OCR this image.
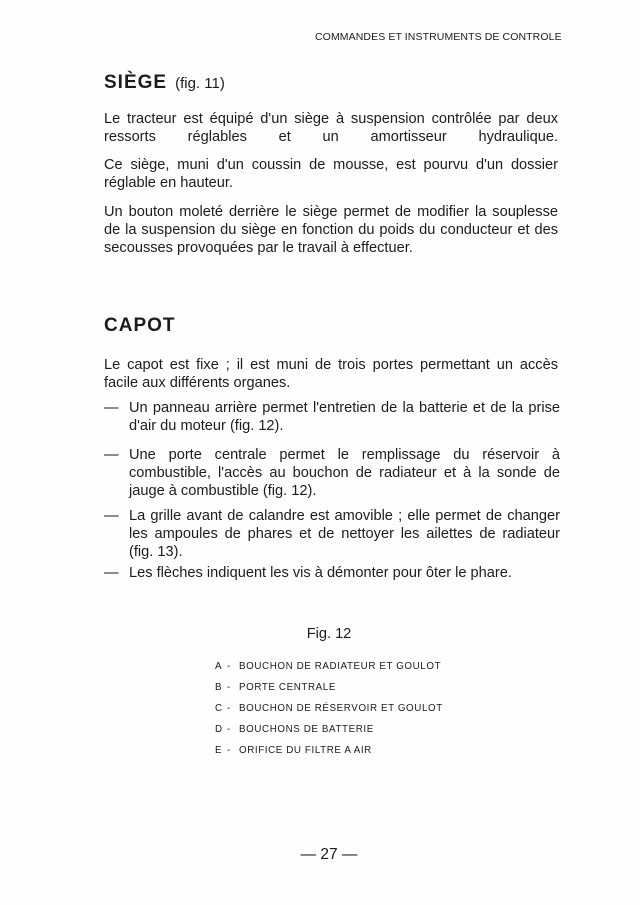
COMMANDES ET INSTRUMENTS DE CONTROLE
SIÈGE (fig. 11)
Le tracteur est équipé d'un siège à suspension contrôlée par deux ressorts réglables et un amortisseur hydraulique.
Ce siège, muni d'un coussin de mousse, est pourvu d'un dossier réglable en hauteur.
Un bouton moleté derrière le siège permet de modifier la souplesse de la suspension du siège en fonction du poids du conducteur et des secousses provoquées par le travail à effectuer.
CAPOT
Le capot est fixe ; il est muni de trois portes permettant un accès facile aux différents organes.
— Un panneau arrière permet l'entretien de la batterie et de la prise d'air du moteur (fig. 12).
— Une porte centrale permet le remplissage du réservoir à combustible, l'accès au bouchon de radiateur et à la sonde de jauge à combustible (fig. 12).
— La grille avant de calandre est amovible ; elle permet de changer les ampoules de phares et de nettoyer les ailettes de radiateur (fig. 13).
— Les flèches indiquent les vis à démonter pour ôter le phare.
Fig. 12
A - BOUCHON DE RADIATEUR ET GOULOT
B - PORTE CENTRALE
C - BOUCHON DE RÉSERVOIR ET GOULOT
D - BOUCHONS DE BATTERIE
E - ORIFICE DU FILTRE A AIR
— 27 —
